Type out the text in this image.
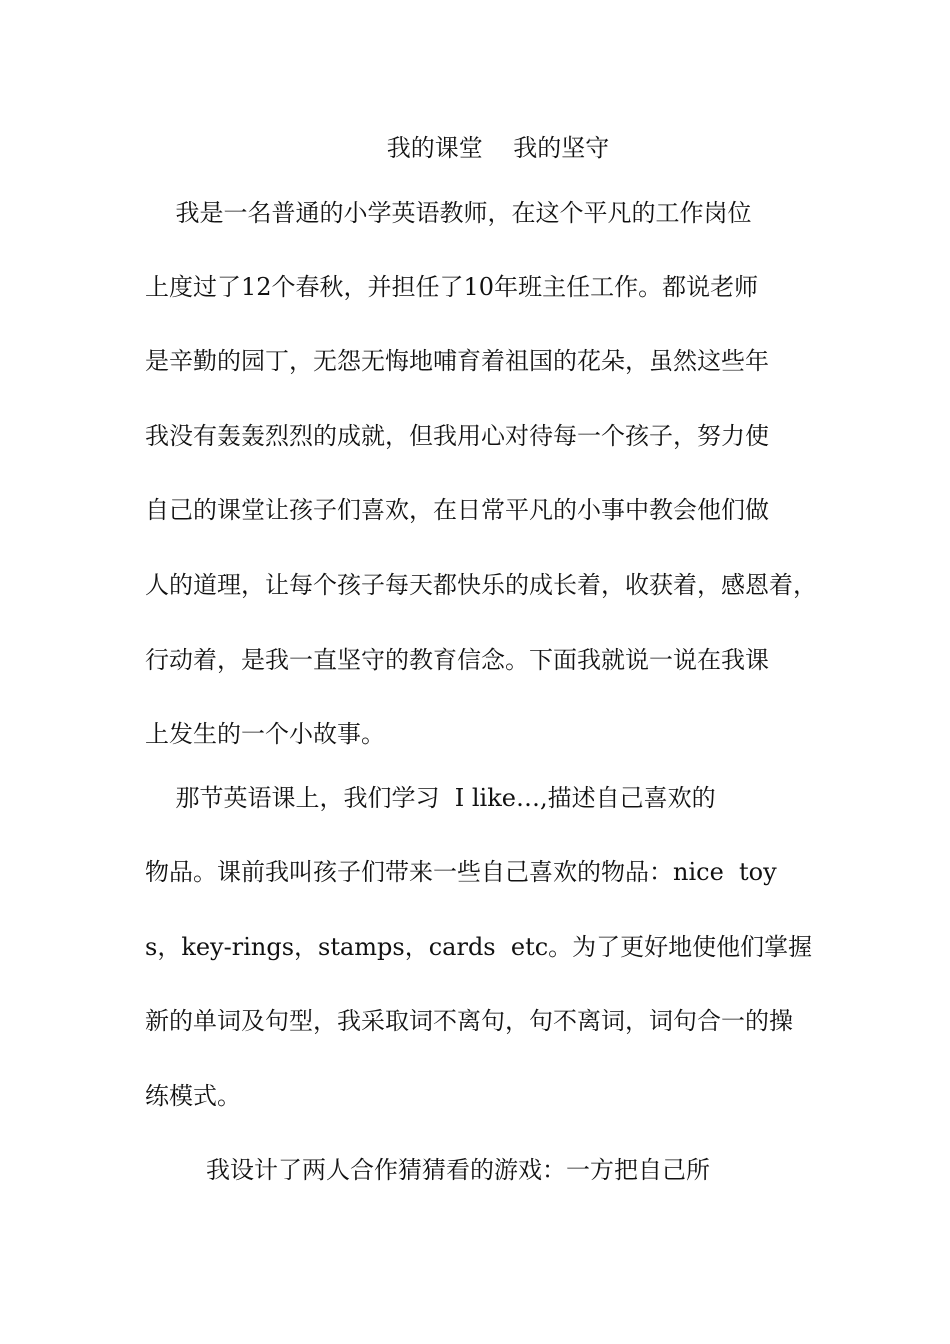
我的课堂    我的坚守
我是一名普通的小学英语教师，在这个平凡的工作岗位
上度过了12个春秋，并担任了10年班主任工作。都说老师
是辛勤的园丁，无怨无悔地哺育着祖国的花朵，虽然这些年
我没有轰轰烈烈的成就，但我用心对待每一个孩子，努力使
自己的课堂让孩子们喜欢，在日常平凡的小事中教会他们做
人的道理，让每个孩子每天都快乐的成长着，收获着，感恩着，
行动着，是我一直坚守的教育信念。下面我就说一说在我课
上发生的一个小故事。
那节英语课上，我们学习  I like…,描述自己喜欢的
物品。课前我叫孩子们带来一些自己喜欢的物品：nice  toy
s，key-rings，stamps，cards  etc。为了更好地使他们掌握
新的单词及句型，我采取词不离句，句不离词，词句合一的操
练模式。
我设计了两人合作猜猜看的游戏：一方把自己所
